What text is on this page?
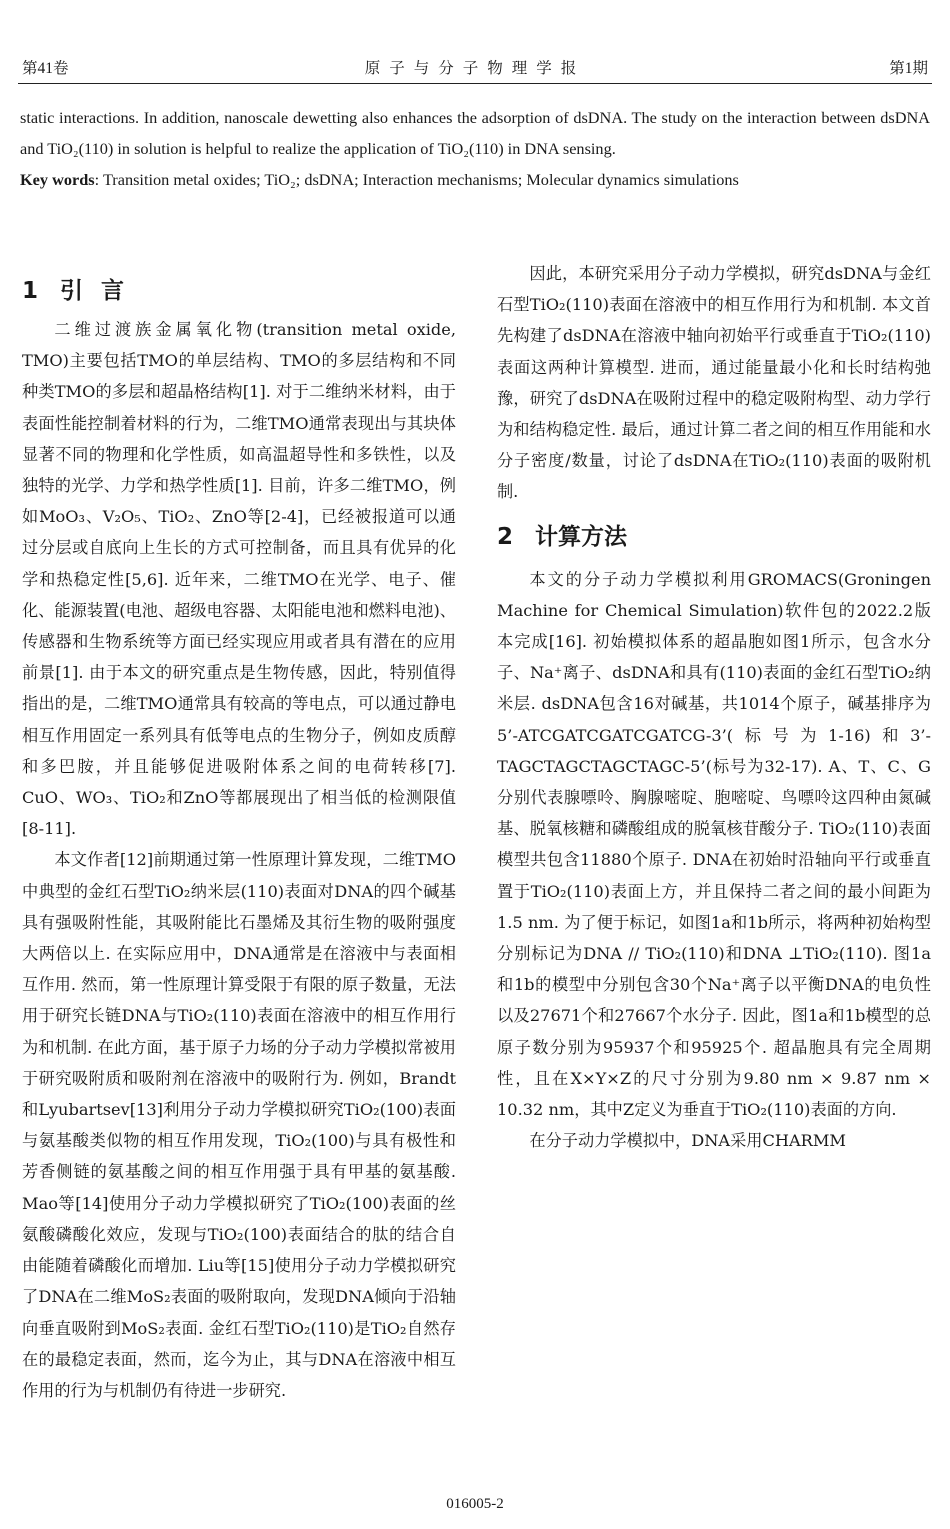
第41卷	原子与分子物理学报	第1期

static interactions. In addition, nanoscale dewetting also enhances the adsorption of dsDNA. The study on the interaction between dsDNA and TiO₂(110) in solution is helpful to realize the application of TiO₂(110) in DNA sensing.

Key words: Transition metal oxides; TiO₂; dsDNA; Interaction mechanisms; Molecular dynamics simulations

1 引言

二维过渡族金属氧化物(transition metal oxide, TMO)主要包括TMO的单层结构、TMO的多层结构和不同种类TMO的多层和超晶格结构[1]. 对于二维纳米材料，由于表面性能控制着材料的行为，二维TMO通常表现出与其块体显著不同的物理和化学性质，如高温超导性和多铁性，以及独特的光学、力学和热学性质[1]. 目前，许多二维TMO，例如MoO₃、V₂O₅、TiO₂、ZnO等[2-4]，已经被报道可以通过分层或自底向上生长的方式可控制备，而且具有优异的化学和热稳定性[5,6]. 近年来，二维TMO在光学、电子、催化、能源装置(电池、超级电容器、太阳能电池和燃料电池)、传感器和生物系统等方面已经实现应用或者具有潜在的应用前景[1]. 由于本文的研究重点是生物传感，因此，特别值得指出的是，二维TMO通常具有较高的等电点，可以通过静电相互作用固定一系列具有低等电点的生物分子，例如皮质醇和多巴胺，并且能够促进吸附体系之间的电荷转移[7]. CuO、WO₃、TiO₂和ZnO等都展现出了相当低的检测限值[8-11].

本文作者[12]前期通过第一性原理计算发现，二维TMO中典型的金红石型TiO₂纳米层(110)表面对DNA的四个碱基具有强吸附性能，其吸附能比石墨烯及其衍生物的吸附强度大两倍以上. 在实际应用中，DNA通常是在溶液中与表面相互作用. 然而，第一性原理计算受限于有限的原子数量，无法用于研究长链DNA与TiO₂(110)表面在溶液中的相互作用行为和机制. 在此方面，基于原子力场的分子动力学模拟常被用于研究吸附质和吸附剂在溶液中的吸附行为. 例如，Brandt和Lyubartsev[13]利用分子动力学模拟研究TiO₂(100)表面与氨基酸类似物的相互作用发现，TiO₂(100)与具有极性和芳香侧链的氨基酸之间的相互作用强于具有甲基的氨基酸. Mao等[14]使用分子动力学模拟研究了TiO₂(100)表面的丝氨酸磷酸化效应，发现与TiO₂(100)表面结合的肽的结合自由能随着磷酸化而增加. Liu等[15]使用分子动力学模拟研究了DNA在二维MoS₂表面的吸附取向，发现DNA倾向于沿轴向垂直吸附到MoS₂表面. 金红石型TiO₂(110)是TiO₂自然存在的最稳定表面，然而，迄今为止，其与DNA在溶液中相互作用的行为与机制仍有待进一步研究.

因此，本研究采用分子动力学模拟，研究dsDNA与金红石型TiO₂(110)表面在溶液中的相互作用行为和机制. 本文首先构建了dsDNA在溶液中轴向初始平行或垂直于TiO₂(110)表面这两种计算模型. 进而，通过能量最小化和长时结构弛豫，研究了dsDNA在吸附过程中的稳定吸附构型、动力学行为和结构稳定性. 最后，通过计算二者之间的相互作用能和水分子密度/数量，讨论了dsDNA在TiO₂(110)表面的吸附机制.

2 计算方法

本文的分子动力学模拟利用GROMACS(Groningen Machine for Chemical Simulation)软件包的2022.2版本完成[16]. 初始模拟体系的超晶胞如图1所示，包含水分子、Na⁺离子、dsDNA和具有(110)表面的金红石型TiO₂纳米层. dsDNA包含16对碱基，共1014个原子，碱基排序为5’-ATCGATCGATCGATCG-3’(标号为1-16)和3’-TAGCTAGCTAGCTAGC-5’(标号为32-17). A、T、C、G分别代表腺嘌呤、胸腺嘧啶、胞嘧啶、鸟嘌呤这四种由氮碱基、脱氧核糖和磷酸组成的脱氧核苷酸分子. TiO₂(110)表面模型共包含11880个原子. DNA在初始时沿轴向平行或垂直置于TiO₂(110)表面上方，并且保持二者之间的最小间距为1.5 nm. 为了便于标记，如图1a和1b所示，将两种初始构型分别标记为DNA // TiO₂(110)和DNA ⊥TiO₂(110). 图1a和1b的模型中分别包含30个Na⁺离子以平衡DNA的电负性以及27671个和27667个水分子. 因此，图1a和1b模型的总原子数分别为95937个和95925个. 超晶胞具有完全周期性，且在X×Y×Z的尺寸分别为9.80 nm × 9.87 nm × 10.32 nm，其中Z定义为垂直于TiO₂(110)表面的方向.

在分子动力学模拟中，DNA采用CHARMM

016005-2
